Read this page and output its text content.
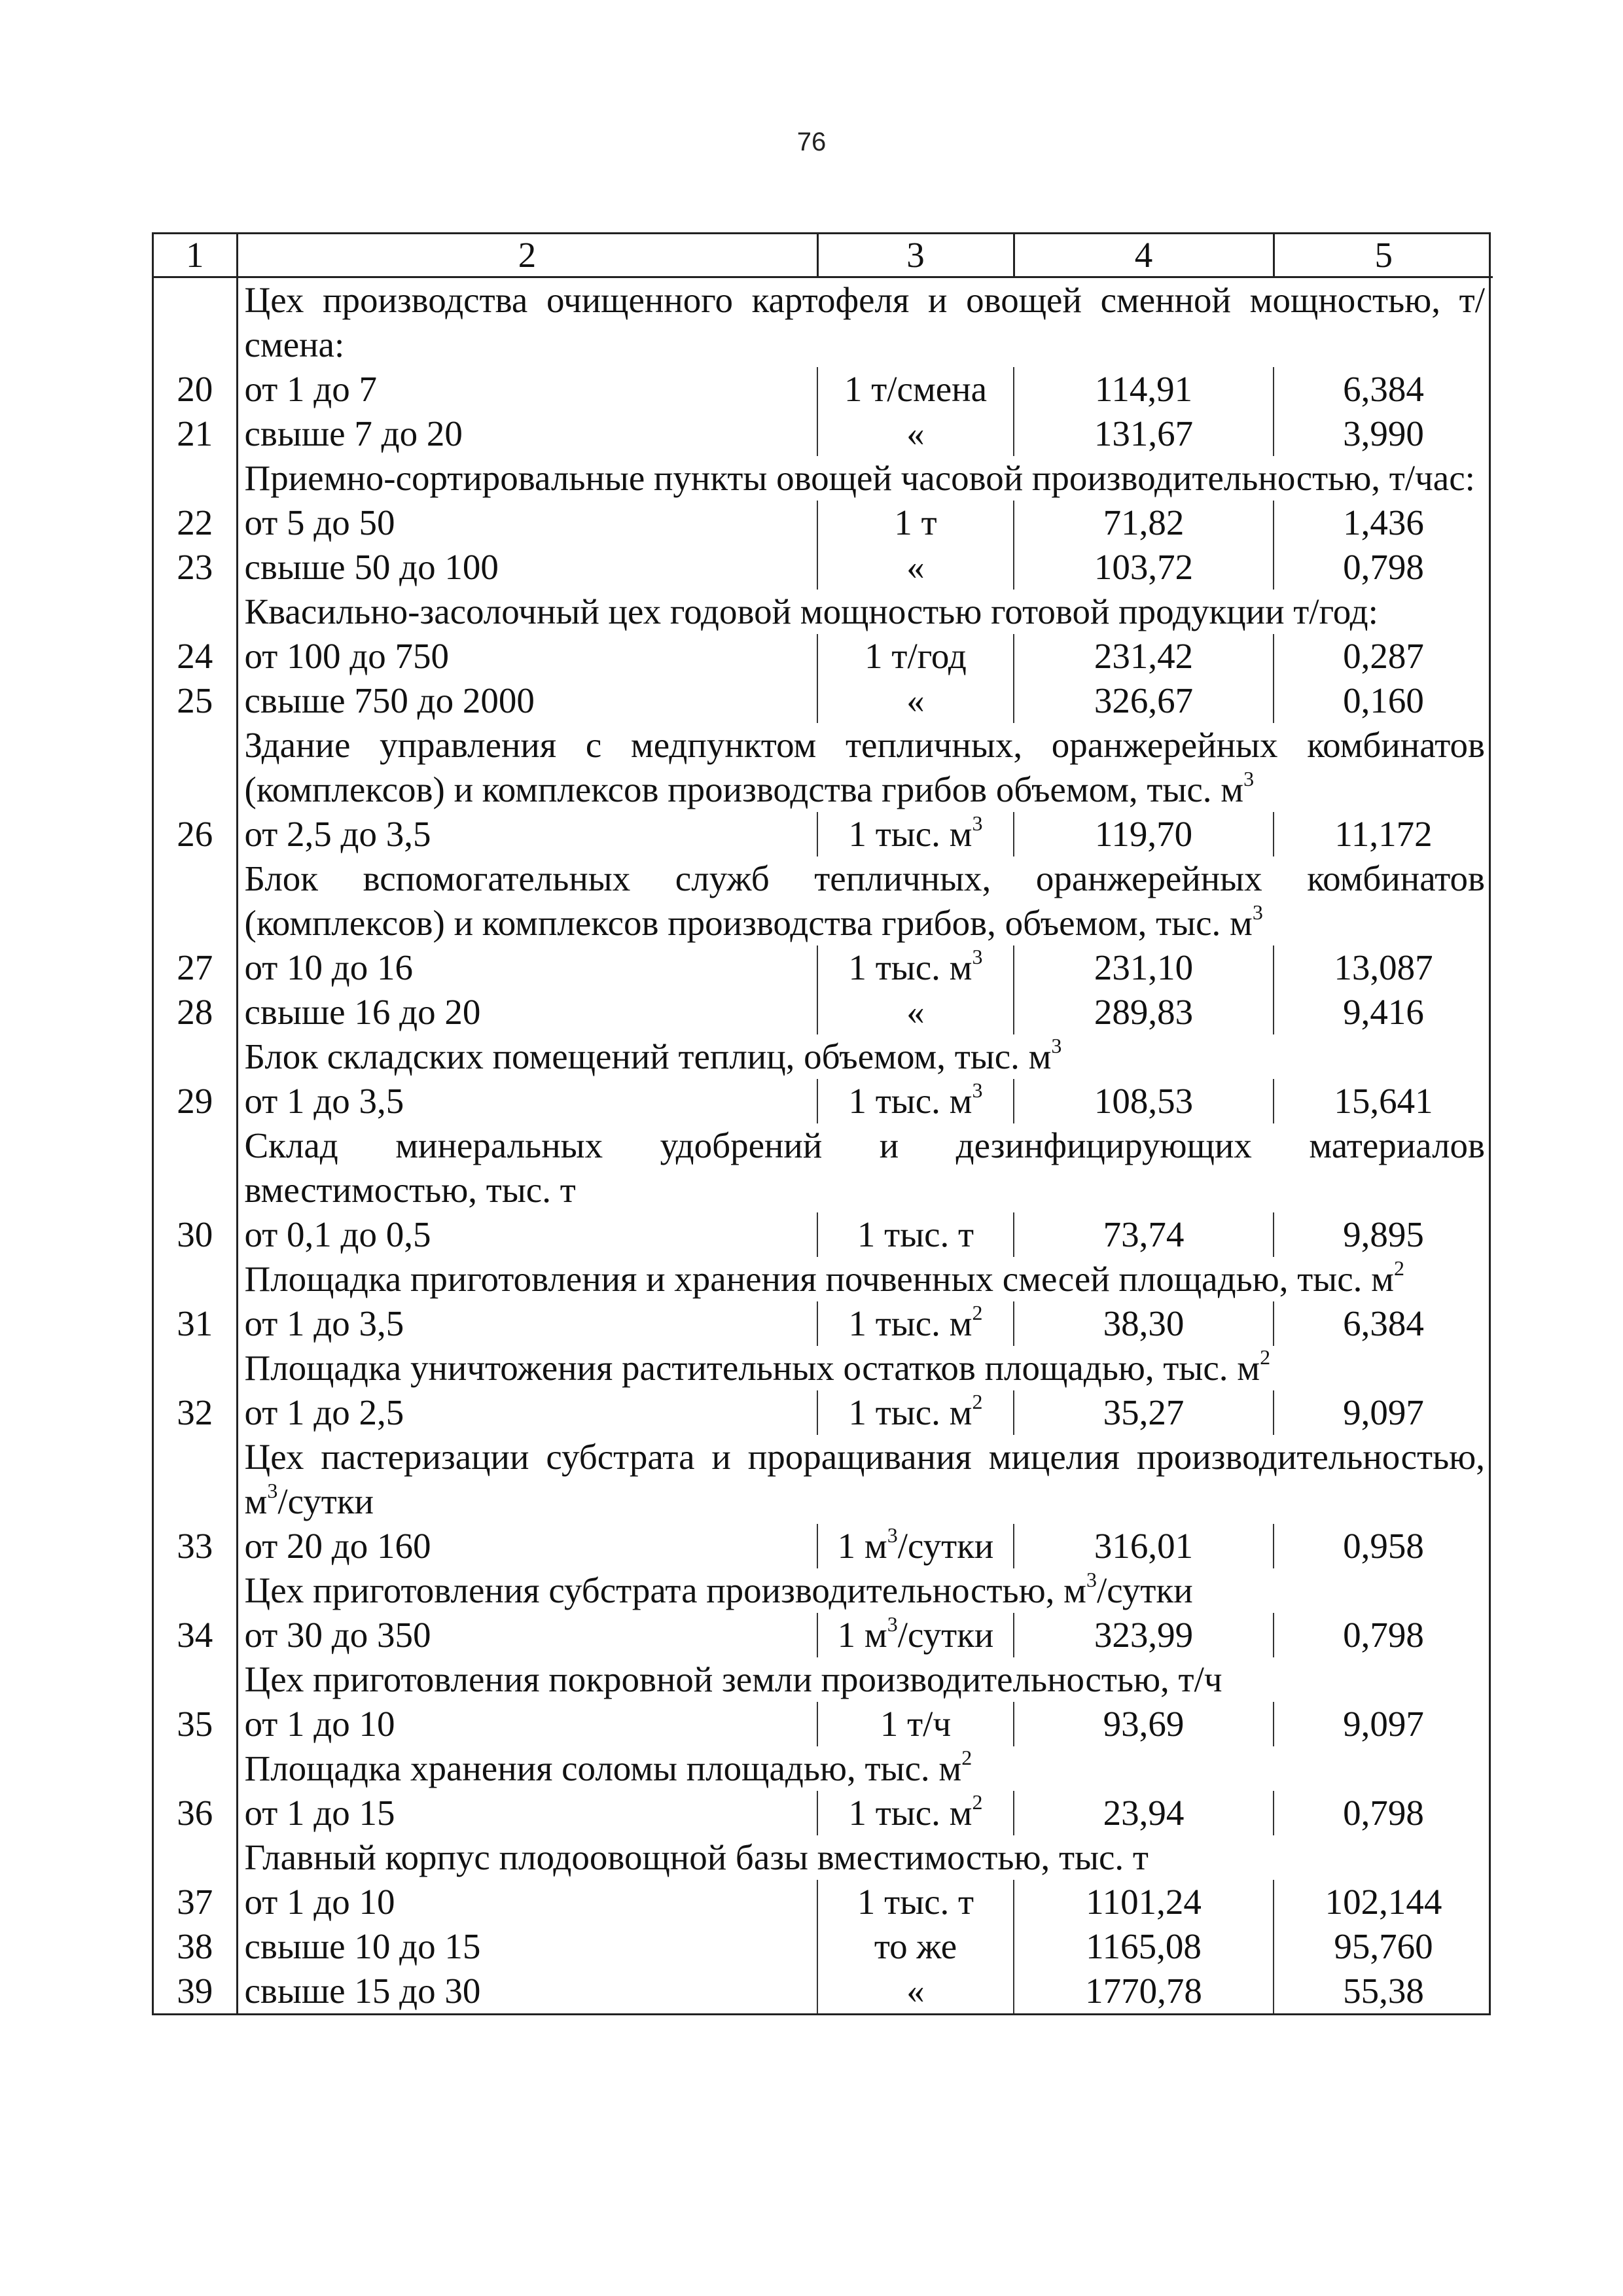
76
1	2	3	4	5
	Цех производства очищенного картофеля и овощей сменной мощностью, т/смена:			
20	от 1 до 7	1 т/смена	114,91	6,384
21	свыше 7 до 20	«	131,67	3,990
	Приемно-сортировальные пункты овощей часовой производительностью, т/час:			
22	от 5 до 50	1 т	71,82	1,436
23	свыше 50 до 100	«	103,72	0,798
	Квасильно-засолочный цех годовой мощностью готовой продукции т/год:			
24	от 100 до 750	1 т/год	231,42	0,287
25	свыше 750 до 2000	«	326,67	0,160
	Здание управления с медпунктом тепличных, оранжерейных комбинатов (комплексов) и комплексов производства грибов объемом, тыс. $м^3$
26	от 2,5 до 3,5	1 тыс. $м^3$	119,70	11,172
	Блок вспомогательных служб тепличных, оранжерейных комбинатов (комплексов) и комплексов производства грибов, объемом, тыс. $м^3$
27	от 10 до 16	1 тыс. $м^3$	231,10	13,087
28	свыше 16 до 20	«	289,83	9,416
	Блок складских помещений теплиц, объемом, тыс. $м^3$
29	от 1 до 3,5	1 тыс. $м^3$	108,53	15,641
	Склад минеральных удобрений и дезинфицирующих материалов вместимостью, тыс. т			
30	от 0,1 до 0,5	1 тыс. т	73,74	9,895
	Площадка приготовления и хранения почвенных смесей площадью, тыс. $м^2$
31	от 1 до 3,5	1 тыс. $м^2$	38,30	6,384
	Площадка уничтожения растительных остатков площадью, тыс. $м^2$
32	от 1 до 2,5	1 тыс. $м^2$	35,27	9,097
	Цех пастеризации субстрата и проращивания мицелия производительностью, $м^3$/сутки			
33	от 20 до 160	1 $м^3$/сутки	316,01	0,958
	Цех приготовления субстрата производительностью, $м^3$/сутки			
34	от 30 до 350	1 $м^3$/сутки	323,99	0,798
	Цех приготовления покровной земли производительностью, т/ч			
35	от 1 до 10	1 т/ч	93,69	9,097
	Площадка хранения соломы площадью, тыс. $м^2$
36	от 1 до 15	1 тыс. $м^2$	23,94	0,798
	Главный корпус плодоовощной базы вместимостью, тыс. т			
37	от 1 до 10	1 тыс. т	1101,24	102,144
38	свыше 10 до 15	то же	1165,08	95,760
39	свыше 15 до 30	«	1770,78	55,38
